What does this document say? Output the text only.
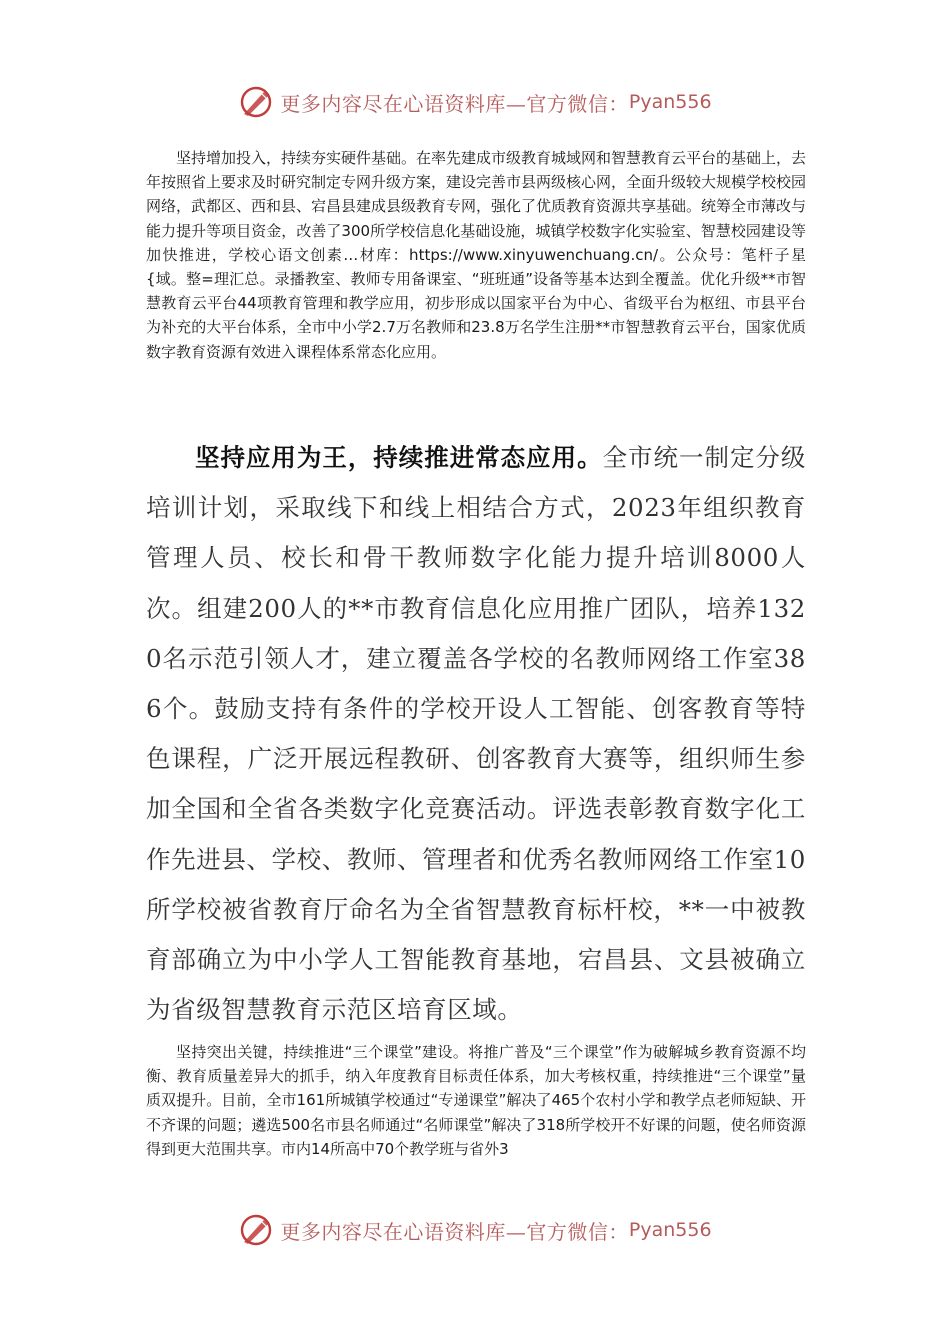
更多内容尽在心语资料库—官方微信： Pyan556

坚持增加投入，持续夯实硬件基础。在率先建成市级教育城域网和智慧教育云平台的基础上，去年按照省上要求及时研究制定专网升级方案，建设完善市县两级核心网，全面升级较大规模学校校园网络，武都区、西和县、宕昌县建成县级教育专网，强化了优质教育资源共享基础。统筹全市薄改与能力提升等项目资金，改善了300所学校信息化基础设施，城镇学校数字化实验室、智慧校园建设等加快推进，学校心语文创素…材库：https://www.xinyuwenchuang.cn/。公众号：笔杆子星{域。整=理汇总。录播教室、教师专用备课室、“班班通”设备等基本达到全覆盖。优化升级**市智慧教育云平台44项教育管理和教学应用，初步形成以国家平台为中心、省级平台为枢纽、市县平台为补充的大平台体系，全市中小学2.7万名教师和23.8万名学生注册**市智慧教育云平台，国家优质数字教育资源有效进入课程体系常态化应用。

坚持应用为王，持续推进常态应用。全市统一制定分级培训计划，采取线下和线上相结合方式，2023年组织教育管理人员、校长和骨干教师数字化能力提升培训8000人次。组建200人的**市教育信息化应用推广团队，培养1320名示范引领人才，建立覆盖各学校的名教师网络工作室386个。鼓励支持有条件的学校开设人工智能、创客教育等特色课程，广泛开展远程教研、创客教育大赛等，组织师生参加全国和全省各类数字化竞赛活动。评选表彰教育数字化工作先进县、学校、教师、管理者和优秀名教师网络工作室10所学校被省教育厅命名为全省智慧教育标杆校，**一中被教育部确立为中小学人工智能教育基地，宕昌县、文县被确立为省级智慧教育示范区培育区域。

坚持突出关键，持续推进“三个课堂”建设。将推广普及“三个课堂”作为破解城乡教育资源不均衡、教育质量差异大的抓手，纳入年度教育目标责任体系，加大考核权重，持续推进“三个课堂”量质双提升。目前，全市161所城镇学校通过“专递课堂”解决了465个农村小学和教学点老师短缺、开不齐课的问题；遴选500名市县名师通过“名师课堂”解决了318所学校开不好课的问题，使名师资源得到更大范围共享。市内14所高中70个教学班与省外3

更多内容尽在心语资料库—官方微信： Pyan556
